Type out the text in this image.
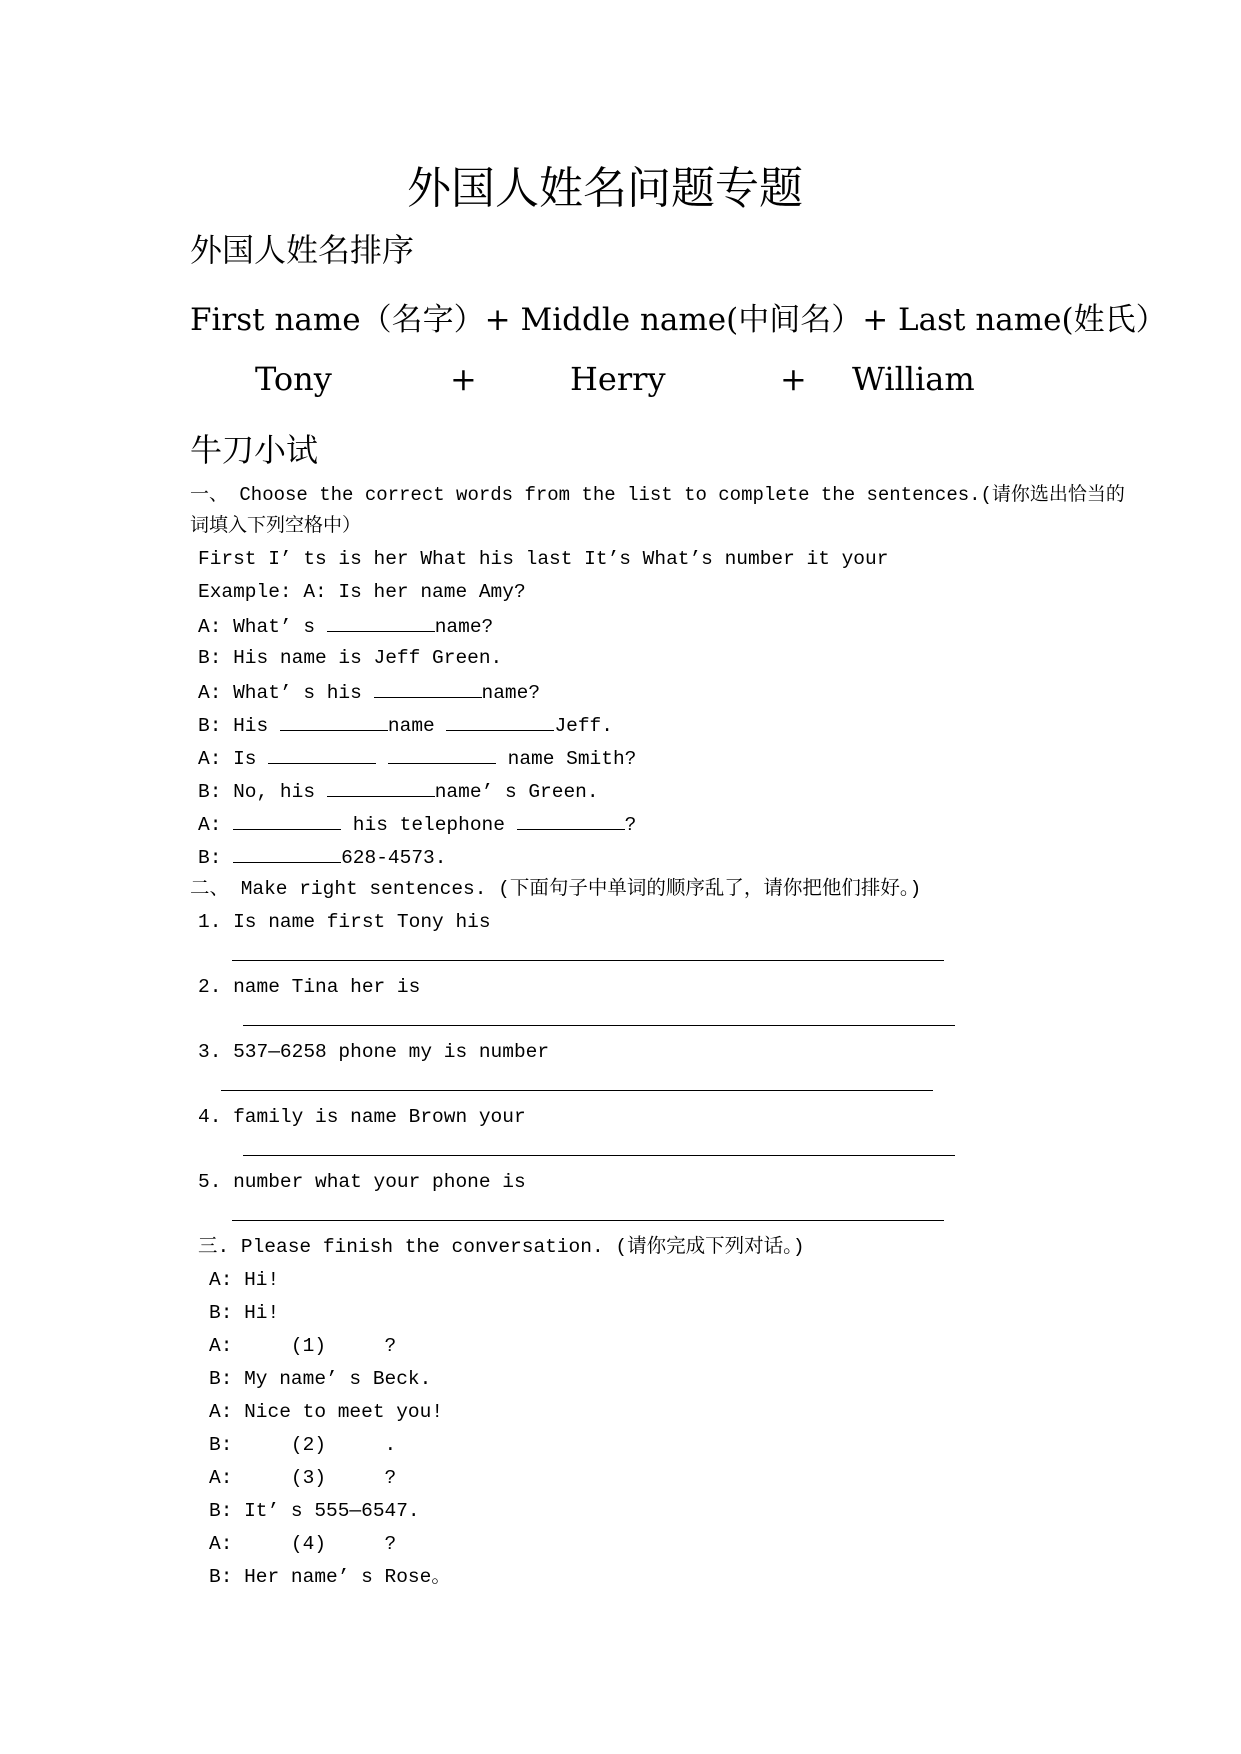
外国人姓名问题专题
外国人姓名排序
First name（名字）+ Middle name(中间名）+ Last name(姓氏）
Tony	+	Herry	+ William
牛刀小试
一、 Choose the correct words from the list to complete the sentences.(请你选出恰当的
词填入下列空格中）
First I’ ts is her What his last It’s What’s number it your
Example: A: Is her name Amy?
A: What’ s	name?
B: His name is Jeff Green.
A: What’ s his	name?
B: His	name	Jeff.
A: Is	name Smith?
B: No, his	name’ s Green.
A:	his telephone	?
B:	628-4573.
二、 Make right sentences. (下面句子中单词的顺序乱了，请你把他们排好。)
1. Is name first Tony his
2. name Tina her is
3. 537—6258 phone my is number
4. family is name Brown your
5. number what your phone is
三. Please finish the conversation. (请你完成下列对话。)
A: Hi!
B: Hi!
A:     (1)     ?
B: My name’ s Beck.
A: Nice to meet you!
B:     (2)     .
A:     (3)     ?
B: It’ s 555—6547.
A:     (4)     ?
B: Her name’ s Rose。
